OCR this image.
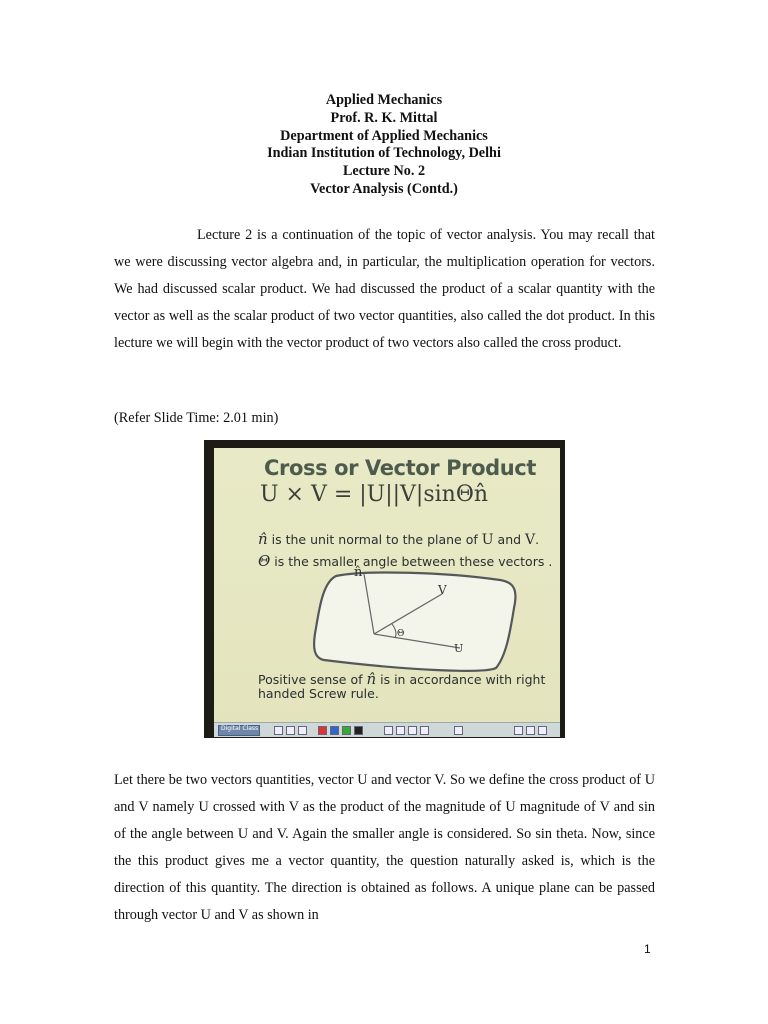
Applied Mechanics
Prof. R. K. Mittal
Department of Applied Mechanics
Indian Institution of Technology, Delhi
Lecture No. 2
Vector Analysis (Contd.)
Lecture 2 is a continuation of the topic of vector analysis. You may recall that we were discussing vector algebra and, in particular, the multiplication operation for vectors. We had discussed scalar product. We had discussed the product of a scalar quantity with the vector as well as the scalar product of two vector quantities, also called the dot product. In this lecture we will begin with the vector product of two vectors also called the cross product.
(Refer Slide Time: 2.01 min)
Cross or Vector Product
U × V = |U||V|sinΘn̂
n̂ is the unit normal to the plane of U and V.
Θ is the smaller angle between these vectors .
n̂
V
U
Θ
Positive sense of n̂ is in accordance with right
handed Screw rule.
Digital Class
Let there be two vectors quantities, vector U and vector V. So we define the cross product of U and V namely U crossed with V as the product of the magnitude of U magnitude of V and sin of the angle between U and V. Again the smaller angle is considered. So sin theta. Now, since the this product gives me a vector quantity, the question naturally asked is, which is the direction of this quantity. The direction is obtained as follows. A unique plane can be passed through vector U and V as shown in
1
